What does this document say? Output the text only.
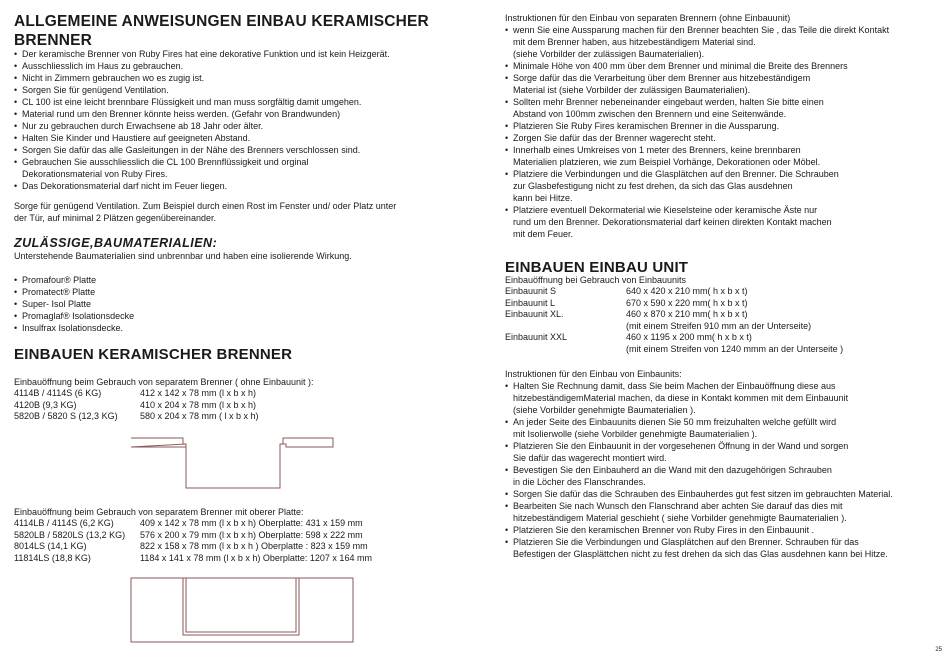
ALLGEMEINE ANWEISUNGEN EINBAU KERAMISCHER BRENNER
• Der keramische Brenner von Ruby Fires hat eine dekorative Funktion und ist kein Heizgerät.
• Ausschliesslich im Haus zu gebrauchen.
• Nicht in Zimmern gebrauchen wo es zugig ist.
• Sorgen Sie für genügend Ventilation.
• CL 100 ist eine leicht brennbare Flüssigkeit und man muss sorgfältig damit umgehen.
• Material rund um den Brenner könnte heiss werden. (Gefahr von Brandwunden)
• Nur zu gebrauchen durch Erwachsene ab 18 Jahr oder älter.
• Halten Sie Kinder und Haustiere auf geeigneten Abstand.
• Sorgen Sie dafür das alle Gasleitungen in der Nähe des Brenners verschlossen sind.
• Gebrauchen Sie ausschliesslich die CL 100 Brennflüssigkeit und orginal
Dekorationsmaterial von Ruby Fires.
• Das Dekorationsmaterial darf nicht im Feuer liegen.

Sorge für genügend Ventilation. Zum Beispiel durch einen Rost im Fenster und/ oder Platz unter

der Tür, auf minimal 2 Plätzen gegenübereinander.

ZULÄSSIGE,BAUMATERIALIEN:

Unterstehende Baumaterialien sind unbrennbar und haben eine isolierende Wirkung.

• Promafour® Platte
• Promatect® Platte
• Super- Isol Platte
• Promaglaf® Isolationsdecke
• Insulfrax Isolationsdecke.
EINBAUEN KERAMISCHER BRENNER

Einbauöffnung beim Gebrauch von separatem Brenner ( ohne Einbauunit ):

4114B / 4114S (6 KG)	412 x 142 x 78 mm (l x b x h)
4120B (9,3 KG)	410 x 204 x 78 mm (l x b x h)
5820B / 5820 S (12,3 KG)	580 x 204 x 78 mm ( l x b x h)

Einbauöffnung beim Gebrauch von separatem Brenner mit oberer Platte:

4114LB / 4114S (6,2 KG)	409 x 142 x 78 mm (l x b x h) Oberplatte: 431 x 159 mm
5820LB / 5820LS (13,2 KG)	576 x 200 x 79 mm (l x b x h) Oberplatte: 598 x 222 mm
8014LS (14,1 KG)	822 x 158 x 78 mm (l x b x h ) Oberplatte : 823 x 159 mm
11814LS (18,8 KG)	1184 x 141 x 78 mm (l x b x h) Oberplatte: 1207 x 164 mm

Instruktionen für den Einbau von separaten Brennern (ohne Einbauunit)

• wenn Sie eine Aussparung machen für den Brenner beachten Sie , das Teile die direkt Kontakt
mit dem Brenner haben, aus hitzebeständigem Material sind.
(siehe Vorbilder der zulässigen Baumaterialien).
• Minimale Höhe von 400 mm über dem Brenner und minimal die Breite des Brenners
• Sorge dafür das die Verarbeitung über dem Brenner aus hitzebeständigem
Material ist (siehe Vorbilder der zulässigen Baumaterialien).
• Sollten mehr Brenner nebeneinander eingebaut werden, halten Sie bitte einen
Abstand von 100mm zwischen den Brennern und eine Seitenwände.
• Platzieren Sie Ruby Fires keramischen Brenner in die Aussparung.
• Zorgen Sie dafür das der Brenner wagerecht steht.
• Innerhalb eines Umkreises von 1 meter des Brenners, keine brennbaren
Materialien platzieren, wie zum Beispiel Vorhänge, Dekorationen oder Möbel.
• Platziere die Verbindungen und die Glasplätchen auf den Brenner. Die Schrauben
zur Glasbefestigung nicht zu fest drehen, da sich das Glas ausdehnen
kann bei Hitze.
• Platziere eventuell Dekormaterial wie Kieselsteine oder keramische Äste nur
rund um den Brenner. Dekorationsmaterial darf keinen direkten Kontakt machen
mit dem Feuer.
EINBAUEN EINBAU UNIT

Einbauöffnung bei Gebrauch von Einbauunits

Einbauunit S	640 x 420 x 210 mm( h x b x t)
Einbauunit L	670 x 590 x 220 mm( h x b x t)
Einbauunit XL.	460 x 870 x 210 mm( h x b x t)
(mit einem Streifen 910 mm an der Unterseite)
Einbauunit XXL	460 x 1195 x 200 mm( h x b x t)
(mit einem Streifen von 1240 mmm an der Unterseite )

Instruktionen für den Einbau von Einbaunits:

• Halten Sie Rechnung damit, dass Sie beim Machen der Einbauöffnung diese aus
hitzebeständigemMaterial machen, da diese in Kontakt kommen mit dem Einbauunit
(siehe Vorbilder genehmigte Baumaterialien ).
• An jeder Seite des Einbauunits dienen Sie 50 mm freizuhalten welche gefüllt wird
mit Isolierwolle (siehe Vorbilder genehmigte Baumaterialien ).
• Platzieren Sie den Einbauunit in der vorgesehenen Öffnung in der Wand und sorgen
Sie dafür das wagerecht montiert wird.
• Bevestigen Sie den Einbauherd an die Wand mit den dazugehörigen Schrauben
in die Löcher des Flanschrandes.
• Sorgen Sie dafür das die Schrauben des Einbauherdes gut fest sitzen im gebrauchten Material.
• Bearbeiten Sie nach Wunsch den Flanschrand aber achten Sie darauf das dies mit
hitzebeständigem Material geschieht ( siehe Vorbilder genehmigte Baumaterialien ).
• Platzieren Sie den keramischen Brenner von Ruby Fires in den Einbauunit .
• Platzieren Sie die Verbindungen und Glasplätchen auf den Brenner. Schrauben für das
Befestigen der Glasplättchen nicht zu fest drehen da sich das Glas ausdehnen kann bei Hitze.
25
